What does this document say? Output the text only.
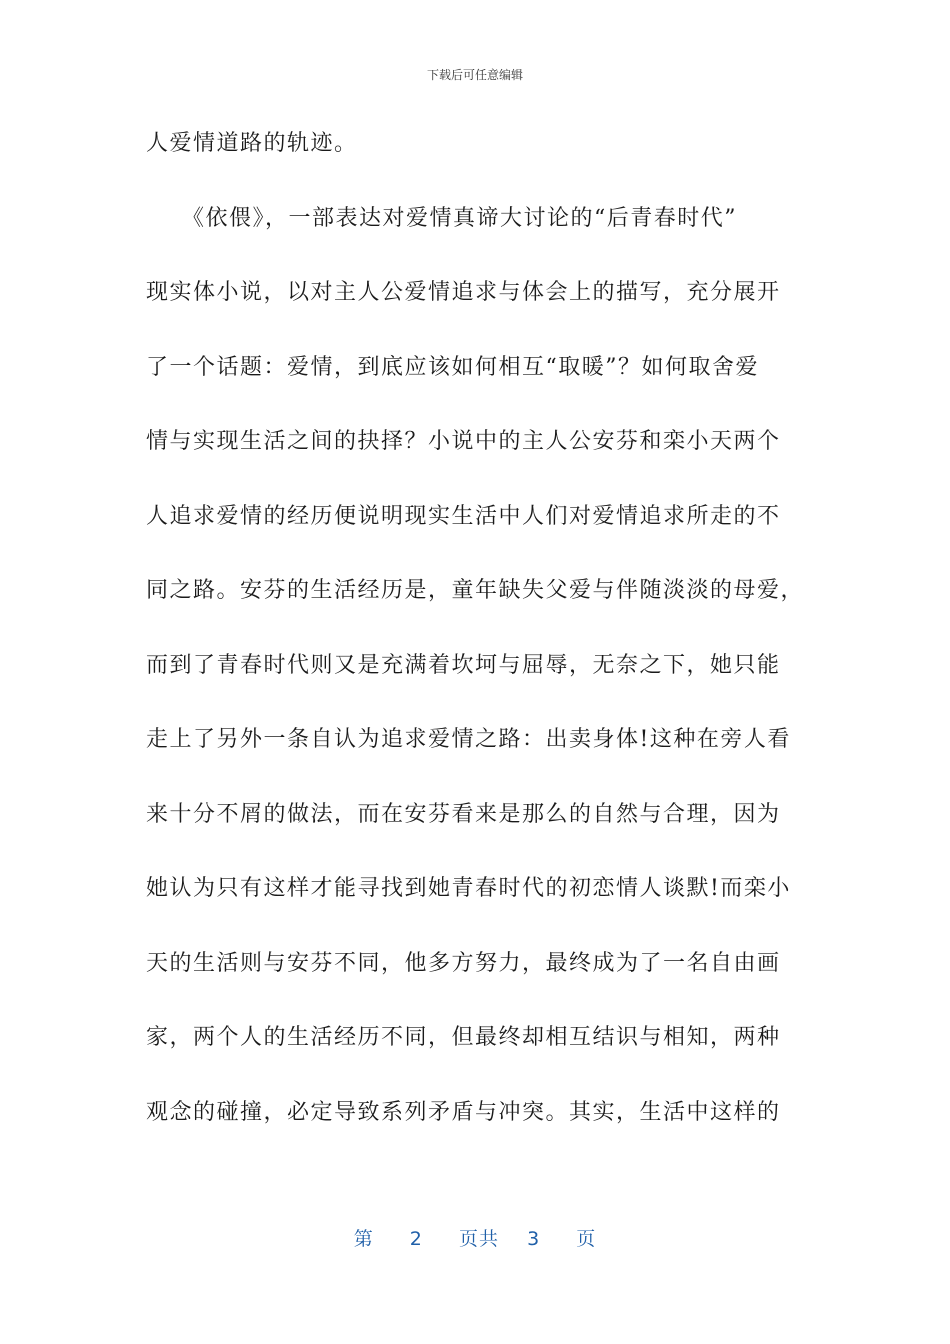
下载后可任意编辑
人爱情道路的轨迹。
　　《依偎》，一部表达对爱情真谛大讨论的“后青春时代”
现实体小说，以对主人公爱情追求与体会上的描写，充分展开
了一个话题：爱情，到底应该如何相互“取暖”？如何取舍爱
情与实现生活之间的抉择？小说中的主人公安芬和栾小天两个
人追求爱情的经历便说明现实生活中人们对爱情追求所走的不
同之路。安芬的生活经历是，童年缺失父爱与伴随淡淡的母爱，
而到了青春时代则又是充满着坎坷与屈辱，无奈之下，她只能
走上了另外一条自认为追求爱情之路：出卖身体!这种在旁人看
来十分不屑的做法，而在安芬看来是那么的自然与合理，因为
她认为只有这样才能寻找到她青春时代的初恋情人谈默!而栾小
天的生活则与安芬不同，他多方努力，最终成为了一名自由画
家，两个人的生活经历不同，但最终却相互结识与相知，两种
观念的碰撞，必定导致系列矛盾与冲突。其实，生活中这样的
第 2 页共 3 页
